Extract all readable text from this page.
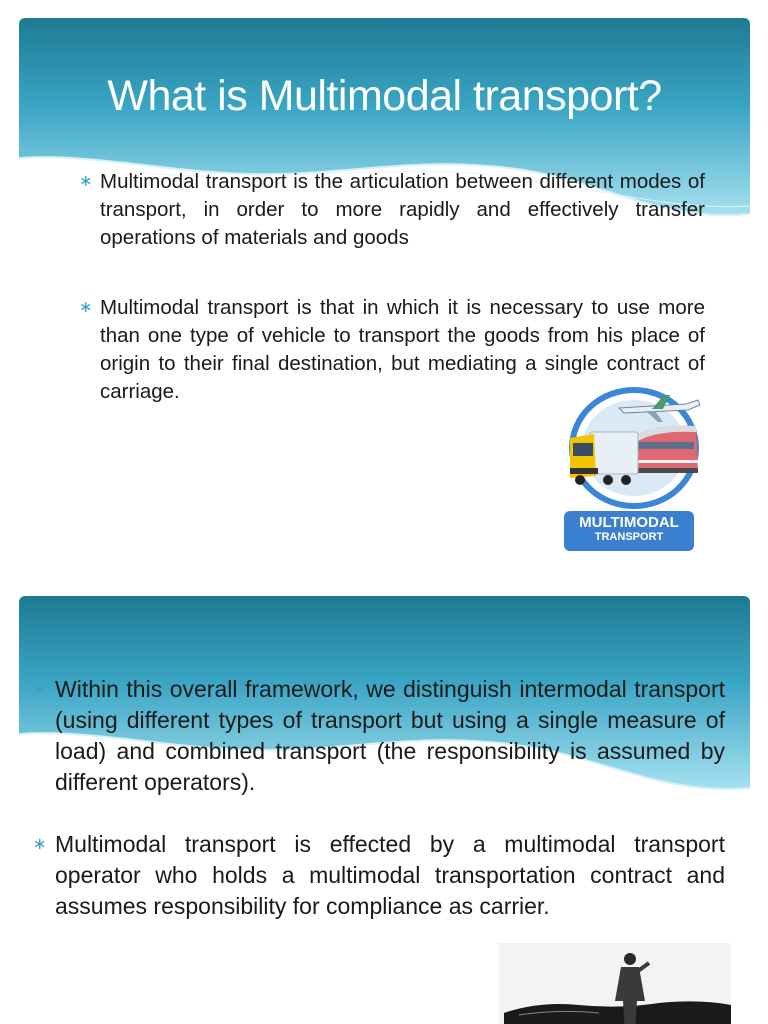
What is Multimodal transport?
∗ Multimodal transport is the articulation between different modes of transport, in order to more rapidly and effectively transfer operations of materials and goods
∗ Multimodal transport is that in which it is necessary to use more than one type of vehicle to transport the goods from his place of origin to their final destination, but mediating a single contract of carriage.
MULTIMODAL
TRANSPORT
∗ Within this overall framework, we distinguish intermodal transport (using different types of transport but using a single measure of load) and combined transport (the responsibility is assumed by different operators).
∗ Multimodal transport is effected by a multimodal transport operator who holds a multimodal transportation contract and assumes responsibility for compliance as carrier.
